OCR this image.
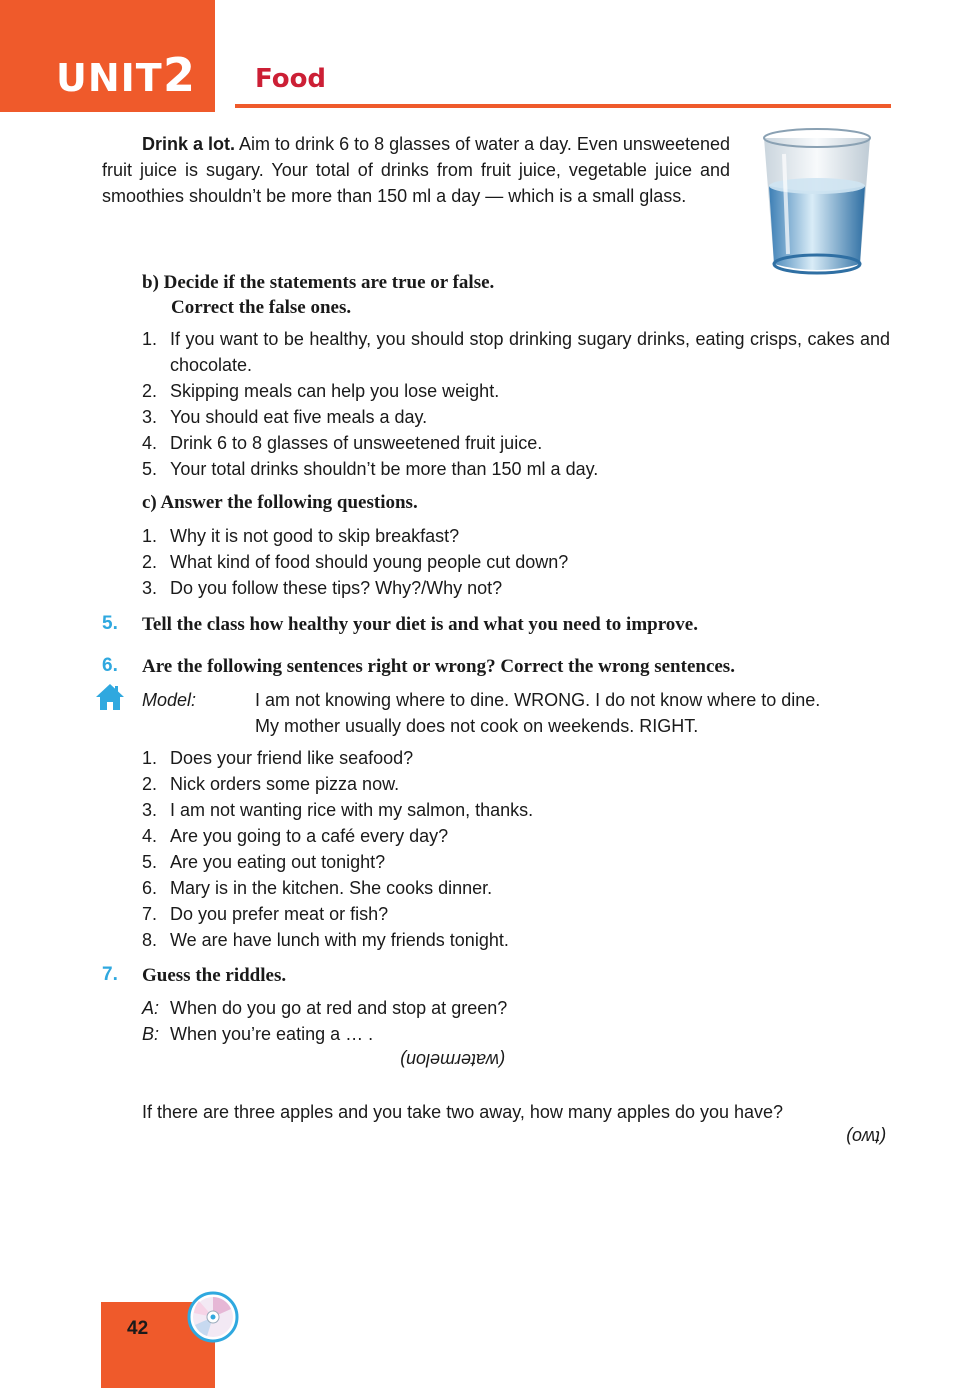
UNIT 2 Food

Drink a lot. Aim to drink 6 to 8 glasses of water a day. Even unsweetened fruit juice is sugary. Your total of drinks from fruit juice, vegetable juice and smoothies shouldn’t be more than 150 ml a day — which is a small glass.

b) Decide if the statements are true or false.
Correct the false ones.
1. If you want to be healthy, you should stop drinking sugary drinks, eating crisps, cakes and chocolate.
2. Skipping meals can help you lose weight.
3. You should eat five meals a day.
4. Drink 6 to 8 glasses of unsweetened fruit juice.
5. Your total drinks shouldn’t be more than 150 ml a day.
c) Answer the following questions.
1. Why it is not good to skip breakfast?
2. What kind of food should young people cut down?
3. Do you follow these tips? Why?/Why not?
5. Tell the class how healthy your diet is and what you need to improve.
6. Are the following sentences right or wrong? Correct the wrong sentences.
Model:	I am not knowing where to dine. WRONG. I do not know where to dine.
My mother usually does not cook on weekends. RIGHT.
1. Does your friend like seafood?
2. Nick orders some pizza now.
3. I am not wanting rice with my salmon, thanks.
4. Are you going to a café every day?
5. Are you eating out tonight?
6. Mary is in the kitchen. She cooks dinner.
7. Do you prefer meat or fish?
8. We are have lunch with my friends tonight.
7. Guess the riddles.
A: When do you go at red and stop at green?
B: When you’re eating a … .
(watermelon)
If there are three apples and you take two away, how many apples do you have?
(two)
42
